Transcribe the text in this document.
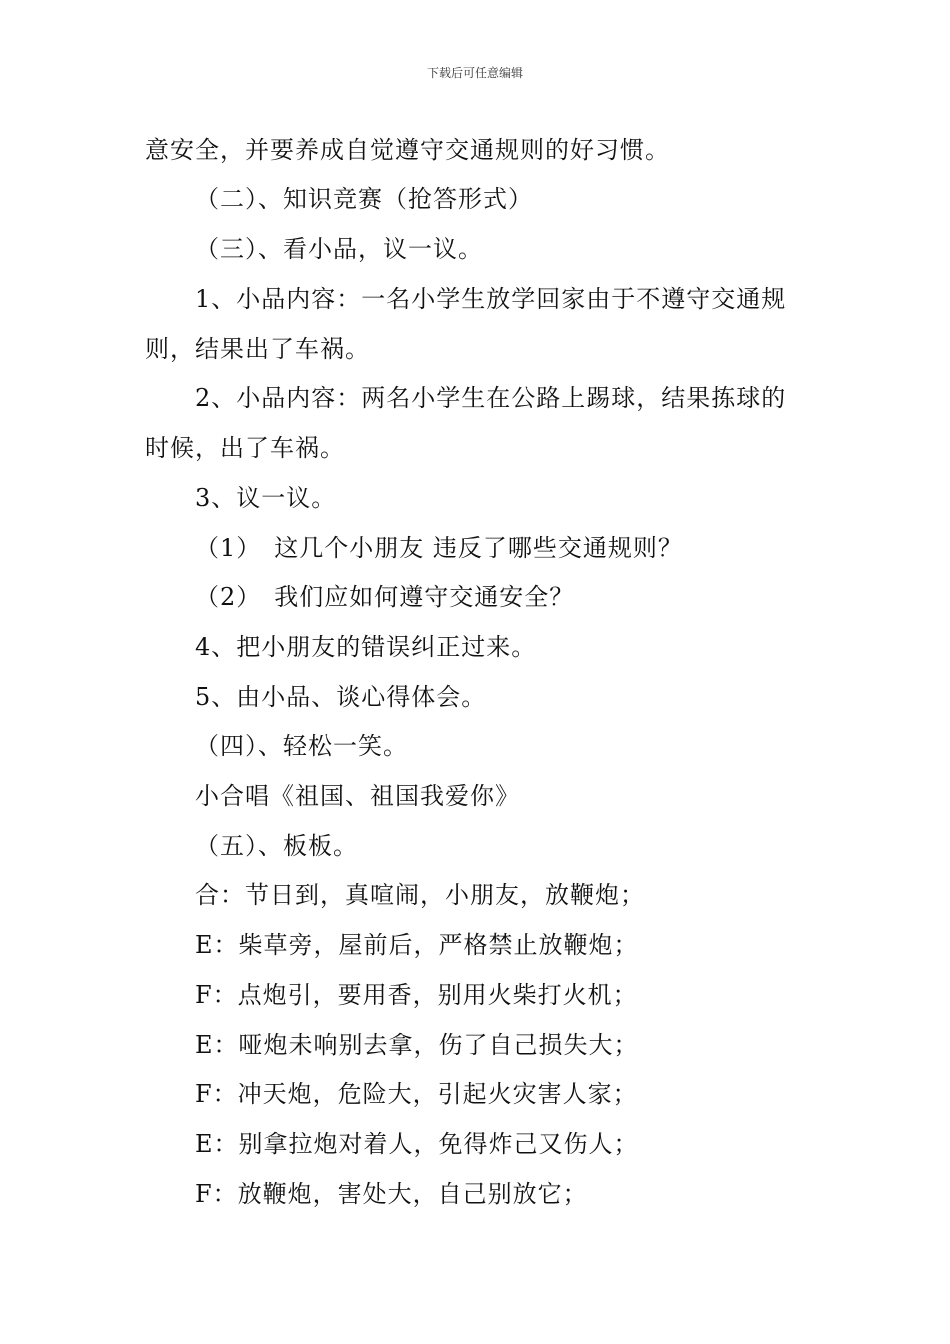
下载后可任意编辑
意安全，并要养成自觉遵守交通规则的好习惯。
（二）、知识竞赛（抢答形式）
（三）、看小品，议一议。
1、小品内容：一名小学生放学回家由于不遵守交通规
则，结果出了车祸。
2、小品内容：两名小学生在公路上踢球，结果拣球的
时候，出了车祸。
3、议一议。
（1）　这几个小朋友 违反了哪些交通规则？
（2）　我们应如何遵守交通安全？
4、把小朋友的错误纠正过来。
5、由小品、谈心得体会。
（四）、轻松一笑。
小合唱《祖国、祖国我爱你》
（五）、板板。
合：节日到，真喧闹，小朋友，放鞭炮；
E：柴草旁，屋前后，严格禁止放鞭炮；
F：点炮引，要用香，别用火柴打火机；
E：哑炮未响别去拿，伤了自己损失大；
F：冲天炮，危险大，引起火灾害人家；
E：别拿拉炮对着人，免得炸己又伤人；
F：放鞭炮，害处大，自己别放它；
